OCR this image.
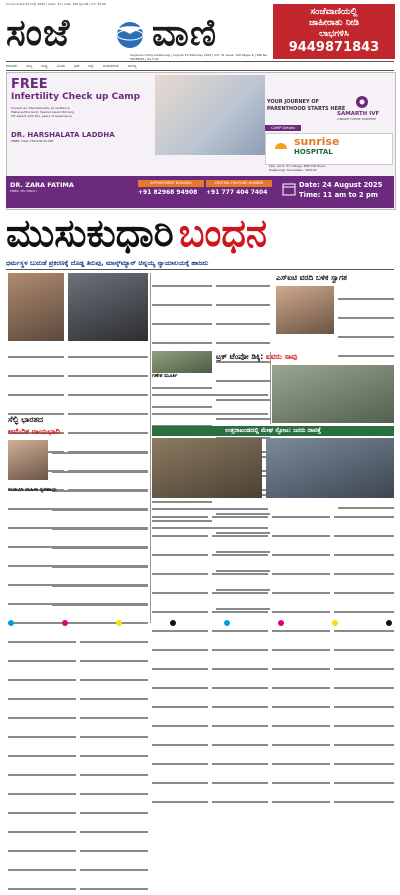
ಕಲಬುರಗಿ ಶನಿವಾರ 23 ಆಗಸ್ಟ್ 2025 | ಸಂಪುಟ: 31 | ಸಂಚಿಕೆ: 190 ಪುಟ 08 | ಬೆಲೆ: ₹3.00
ಸಂಜೆ ವಾಣಿ	ಸಂಜೆವಾಣಿಯಲ್ಲಿ
ಜಾಹೀರಾತು ನೀಡಿ
ಲಾಭಗಳಿಸಿ
9449871843
Sanjevani Daily Kalaburagi | August 23 Saturday 2025 | Vol: 31 Issue: 190 Pages 8 | RNI No: 58188/94 | Rs.3.00
ಕಲಬುರಗಿ	ರಾಜ್ಯ	ರಾಷ್ಟ್ರ	ಸಿನಿಮಾ	ಕ್ರೀಡೆ	ಜಿಲ್ಲೆ	ಸಂಪಾದಕೀಯ	ವಾಣಿಜ್ಯ
FREE
Infertility Check up Camp
Consult an internationally accredited &
Maharashtra Govt. Special Award Winning
IVF expert with 20+ years of experience
DR. HARSHALATA LADDHA
MBBS, DGO, FELLOW IN ART
YOUR JOURNEY OF
PARENTHOOD STARTS HERE
SAMARTH IVF
A BRIGHT FUTURE TOGETHER
CAMP Details
sunrise
HOSPITAL
Opp. Govt. ITI College, MSK Mill Road,
Kalaburagi, Karnataka - 585102
DR. ZARA FATIMA
MBBS, MS (OBGY)
APPOINTMENT BOOKING
+91 82968 94908
CENTRAL HELPLINE NUMBER
+91 777 404 7404
Date: 24 August 2025
Time: 11 am to 2 pm
ಮುಸುಕುಧಾರಿ ಬಂಧನ
ಧರ್ಮಸ್ಥಳ ಬುರುಡೆ ಪ್ರಕರಣಕ್ಕೆ ದೊಡ್ಡ ತಿರುವು, ಮಾಸ್ಕ್‌ಮ್ಯಾನ್ ಚಿನ್ನಯ್ಯ ನ್ಯಾಯಾಲಯಕ್ಕೆ ಹಾಜರು

ಎಸ್‌ಐಟಿ ವರದಿ ಬಳಿಕ ಸ್ವಾಗತ

ಟ್ರಕ್ ಟೆಂಪೋ ಡಿಕ್ಕಿ: ಐವರು ಸಾವು
ಗಣೇಶ ಮೂರ್ತಿ
ಸೆಲ್ಫಿ ಭಾರತದ
ಅಮೆರಿಕ ರಾಯಭಾರಿ	ಉತ್ತರಾಖಂಡದಲ್ಲಿ ಮೇಘ ಸ್ಫೋಟ: ಜನರು ನಾಪತ್ತೆ
ಸಂಜೀವಿನಿ ಮಹಿಳಾ ಸ್ವಸಹಾಯ
